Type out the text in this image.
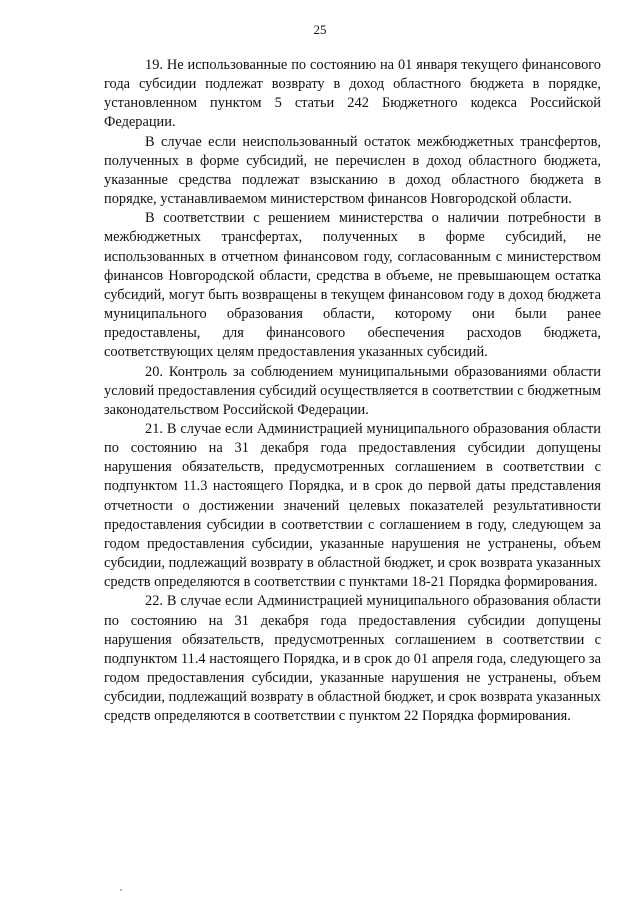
25

19. Не использованные по состоянию на 01 января текущего финансового года субсидии подлежат возврату в доход областного бюджета в порядке, установленном пунктом 5 статьи 242 Бюджетного кодекса Российской Федерации.

В случае если неиспользованный остаток межбюджетных трансфертов, полученных в форме субсидий, не перечислен в доход областного бюджета, указанные средства подлежат взысканию в доход областного бюджета в порядке, устанавливаемом министерством финансов Новгородской области.

В соответствии с решением министерства о наличии потребности в межбюджетных трансфертах, полученных в форме субсидий, не использованных в отчетном финансовом году, согласованным с министерством финансов Новгородской области, средства в объеме, не превышающем остатка субсидий, могут быть возвращены в текущем финансовом году в доход бюджета муниципального образования области, которому они были ранее предоставлены, для финансового обеспечения расходов бюджета, соответствующих целям предоставления указанных субсидий.

20. Контроль за соблюдением муниципальными образованиями области условий предоставления субсидий осуществляется в соответствии с бюджетным законодательством Российской Федерации.

21. В случае если Администрацией муниципального образования области по состоянию на 31 декабря года предоставления субсидии допущены нарушения обязательств, предусмотренных соглашением в соответствии с подпунктом 11.3 настоящего Порядка, и в срок до первой даты представления отчетности о достижении значений целевых показателей результативности предоставления субсидии в соответствии с соглашением в году, следующем за годом предоставления субсидии, указанные нарушения не устранены, объем субсидии, подлежащий возврату в областной бюджет, и срок возврата указанных средств определяются в соответствии с пунктами 18-21 Порядка формирования.

22. В случае если Администрацией муниципального образования области по состоянию на 31 декабря года предоставления субсидии допущены нарушения обязательств, предусмотренных соглашением в соответствии с подпунктом 11.4 настоящего Порядка, и в срок до 01 апреля года, следующего за годом предоставления субсидии, указанные нарушения не устранены, объем субсидии, подлежащий возврату в областной бюджет, и срок возврата указанных средств определяются в соответствии с пунктом 22 Порядка формирования.
